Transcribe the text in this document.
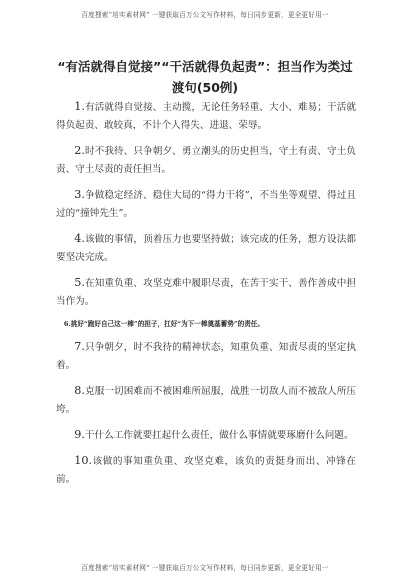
百度搜索“培实素材网” 一键获取百万公文写作材料，每日同步更新，更全更好用一
“有活就得自觉接”“干活就得负起责”：担当作为类过渡句(50例)

1.有活就得自觉接、主动揽，无论任务轻重、大小、难易；干活就得负起责、敢较真，不计个人得失、进退、荣辱。

2.时不我待、只争朝夕、勇立潮头的历史担当，守土有责、守土负责、守土尽责的责任担当。

3.争做稳定经济、稳住大局的“得力干将”，不当坐等观望、得过且过的“撞钟先生”。

4.该做的事情，顶着压力也要坚持做；该完成的任务，想方设法都要坚决完成。

5.在知重负重、攻坚克难中履职尽责，在苦干实干、善作善成中担当作为。

6.挑好“跑好自己这一棒”的担子，扛好“为下一棒奠基蓄势”的责任。

7.只争朝夕，时不我待的精神状态，知重负重、知责尽责的坚定执着。

8.克服一切困难而不被困难所屈服，战胜一切敌人而不被敌人所压垮。

9.干什么工作就要扛起什么责任，做什么事情就要琢磨什么问题。

10.该做的事知重负重、攻坚克难，该负的责挺身而出、冲锋在前。

百度搜索“培实素材网” 一键获取百万公文写作材料，每日同步更新，更全更好用一
